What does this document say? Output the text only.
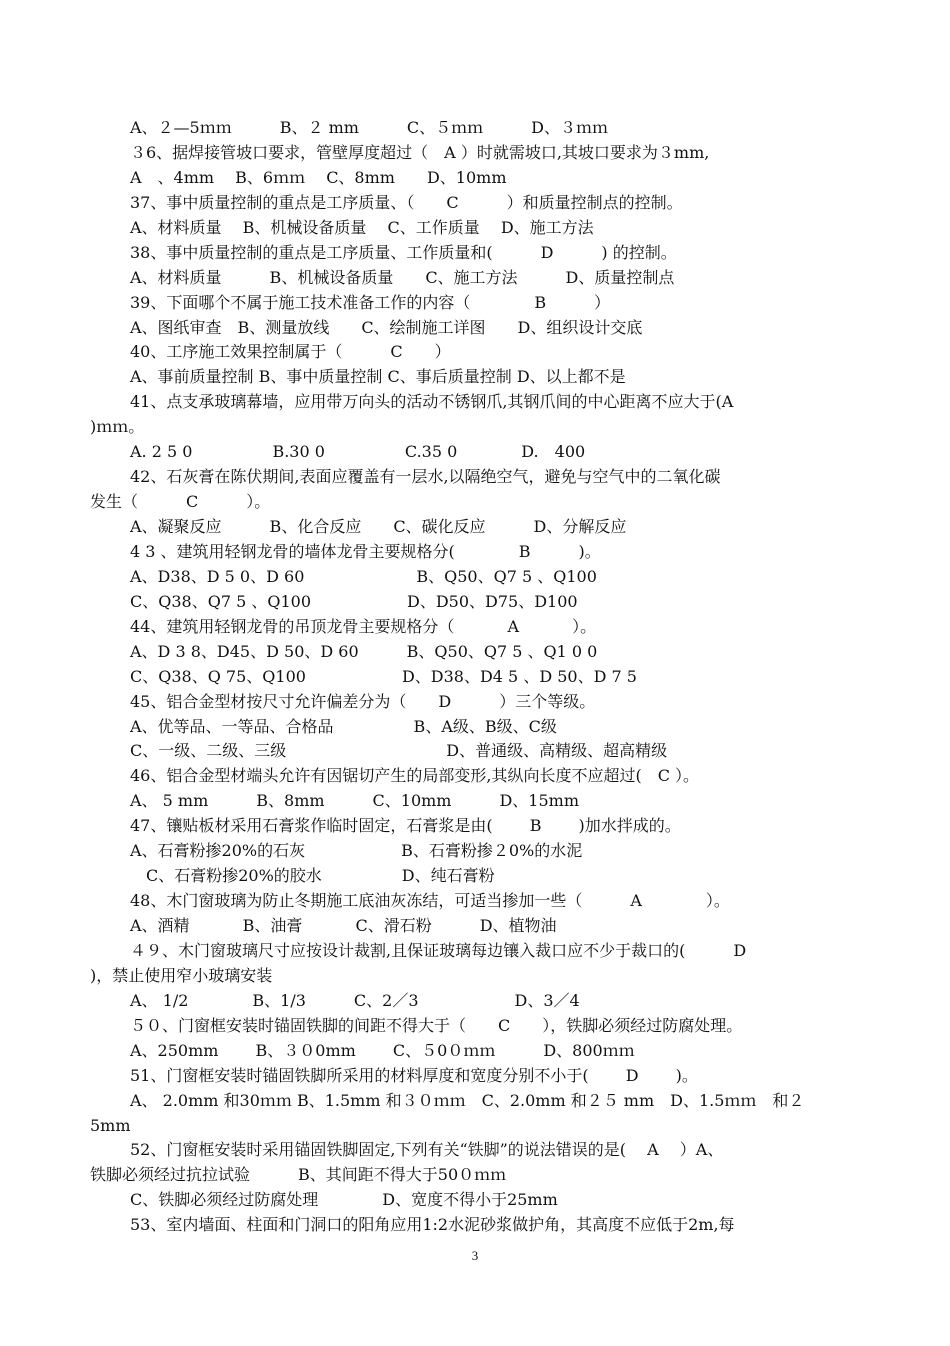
A、２—5ｍｍ　　　B、２ mm　　　C、５ｍｍ　　　D、３ｍｍ
３6、据焊接管坡口要求，管壁厚度超过（　A ）时就需坡口,其坡口要求为３mm,
A　、4mm　 B、6ｍｍ　 C、8mm　　D、10mm
37、事中质量控制的重点是工序质量、（　　C　　　）和质量控制点的控制。
A、材料质量　 B、机械设备质量　 C、工作质量　 D、施工方法
38、事中质量控制的重点是工序质量、工作质量和(　　　D　　　) 的控制。
A、材料质量　　　B、机械设备质量　　C、施工方法　　　D、质量控制点
39、下面哪个不属于施工技术准备工作的内容（　　　　B　　　）
A、图纸审查　B、测量放线　　C、绘制施工详图　　D、组织设计交底
40、工序施工效果控制属于（　　　C　　）
A、事前质量控制 B、事中质量控制 C、事后质量控制 D、以上都不是
41、点支承玻璃幕墙，应用带万向头的活动不锈钢爪,其钢爪间的中心距离不应大于(A
)ｍｍ。
A. 2 5 0　　　　　B.30 0　　　　　C.35 0　　　　D.　400
42、石灰膏在陈伏期间,表面应覆盖有一层水,以隔绝空气，避免与空气中的二氧化碳
发生（　　　C　　　）。
A、凝聚反应　　　B、化合反应　　C、碳化反应　　　D、分解反应
4 3 、建筑用轻钢龙骨的墙体龙骨主要规格分(　　　　B　　　)。
A、D38、D 5 0、D 60　　　　　　　B、Q50、Q7 5 、Q100
C、Q38、Q7 5 、Q100　　　　　　D、D50、D75、D100
44、建筑用轻钢龙骨的吊顶龙骨主要规格分（　　　 A　　　 ）。
A、D 3 8、D45、D 50、D 60　　　B、Q50、Q7 5 、Q1 0 0
C、Q38、Q 75、Q100　　　　　　D、D38、D4 5 、D 50、D 7 5
45、铝合金型材按尺寸允许偏差分为（　　D　　　）三个等级。
A、优等品、一等品、合格品　　　　　B、A级、B级、C级
C、一级、二级、三级　　　　　　　　　　D、普通级、高精级、超高精级
46、铝合金型材端头允许有因锯切产生的局部变形,其纵向长度不应超过(　C ）。
A、 5 mm　　　B、8mm　　　C、10mm　　　D、15mm
47、镶贴板材采用石膏浆作临时固定，石膏浆是由(　　 B　　 )加水拌成的。
A、石膏粉掺20%的石灰　　　　　　B、石膏粉掺２0%的水泥
　C、石膏粉掺20%的胶水　　　　　D、纯石膏粉
48、木门窗玻璃为防止冬期施工底油灰冻结，可适当掺加一些（　　　A　　　　）。
A、酒精　　　 B、油膏　　　 C、滑石粉　　　D、植物油
４９、木门窗玻璃尺寸应按设计裁割,且保证玻璃每边镶入裁口应不少于裁口的(　　　D
)，禁止使用窄小玻璃安装
A、 1/2　　　　B、1/3　　　C、2／3　　　　　　D、3／4
５０、门窗框安装时锚固铁脚的间距不得大于（　　C　　），铁脚必须经过防腐处理。
A、250mm　　 B、３０0mm　　 C、５0０ｍｍ　　　D、800ｍｍ
51、门窗框安装时锚固铁脚所采用的材料厚度和宽度分别不小于(　　 D　　 )。
A、 2.0mm 和30ｍｍ B、1.5mm 和３０ｍｍ　C、2.0mm 和２５ mm　D、1.5ｍｍ　和２
5mm
52、门窗框安装时采用锚固铁脚固定,下列有关“铁脚”的说法错误的是(　 A　 ）A、
铁脚必须经过抗拉试验　　　B、其间距不得大于50０ｍｍ
C、铁脚必须经过防腐处理　　　　D、宽度不得小于25mm
53、室内墙面、柱面和门洞口的阳角应用1:2水泥砂浆做护角，其高度不应低于2m,每
3
